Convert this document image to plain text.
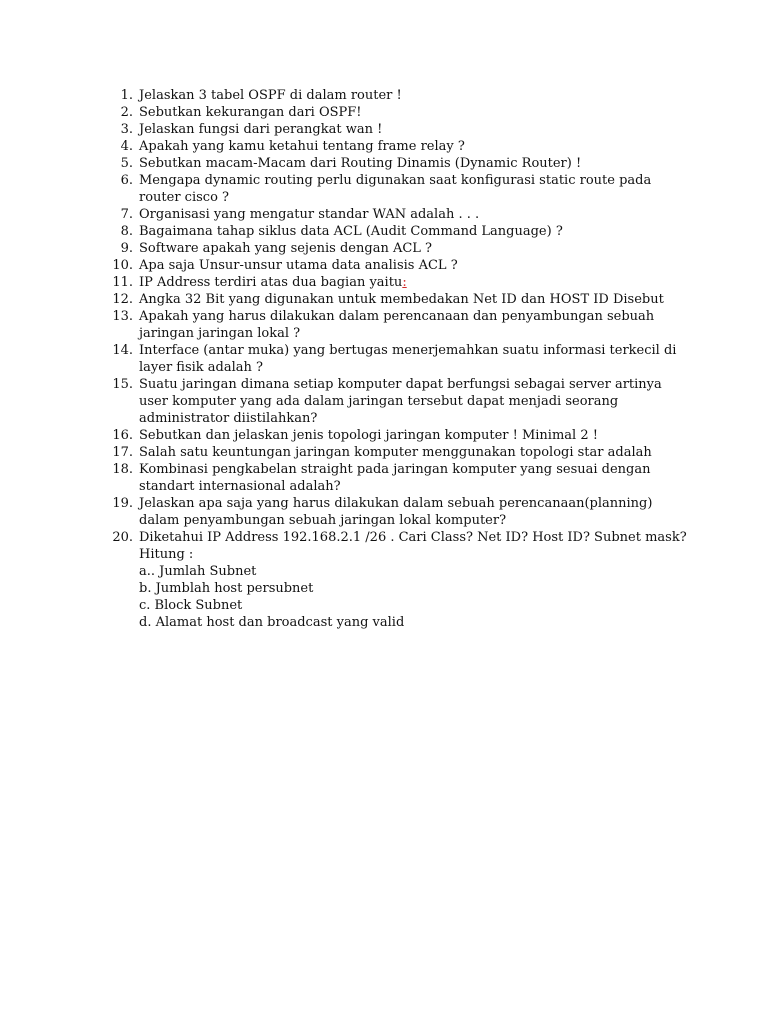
1. Jelaskan 3 tabel OSPF di dalam router !
2. Sebutkan kekurangan dari OSPF!
3. Jelaskan fungsi dari perangkat wan !
4. Apakah yang kamu ketahui tentang frame relay ?
5. Sebutkan macam-Macam dari Routing Dinamis (Dynamic Router) !
6. Mengapa dynamic routing perlu digunakan saat konfigurasi static route pada router cisco ?
7. Organisasi yang mengatur standar WAN adalah . . .
8. Bagaimana tahap siklus data ACL (Audit Command Language) ?
9. Software apakah yang sejenis dengan ACL ?
10. Apa saja Unsur-unsur utama data analisis ACL ?
11. IP Address terdiri atas dua bagian yaitu:
12. Angka 32 Bit yang digunakan untuk membedakan Net ID dan HOST ID Disebut
13. Apakah yang harus dilakukan dalam perencanaan dan penyambungan sebuah jaringan jaringan lokal ?
14. Interface (antar muka) yang bertugas menerjemahkan suatu informasi terkecil di layer fisik adalah ?
15. Suatu jaringan dimana setiap komputer dapat berfungsi sebagai server artinya user komputer yang ada dalam jaringan tersebut dapat menjadi seorang administrator diistilahkan?
16. Sebutkan dan jelaskan jenis topologi jaringan komputer ! Minimal 2 !
17. Salah satu keuntungan jaringan komputer menggunakan topologi star adalah
18. Kombinasi pengkabelan straight pada jaringan komputer yang sesuai dengan standart internasional adalah?
19. Jelaskan apa saja yang harus dilakukan dalam sebuah perencanaan(planning) dalam penyambungan sebuah jaringan lokal komputer?
20. Diketahui IP Address 192.168.2.1 /26 . Cari Class? Net ID? Host ID? Subnet mask?
Hitung :
a.. Jumlah Subnet
b. Jumblah host persubnet
c. Block Subnet
d. Alamat host dan broadcast yang valid
